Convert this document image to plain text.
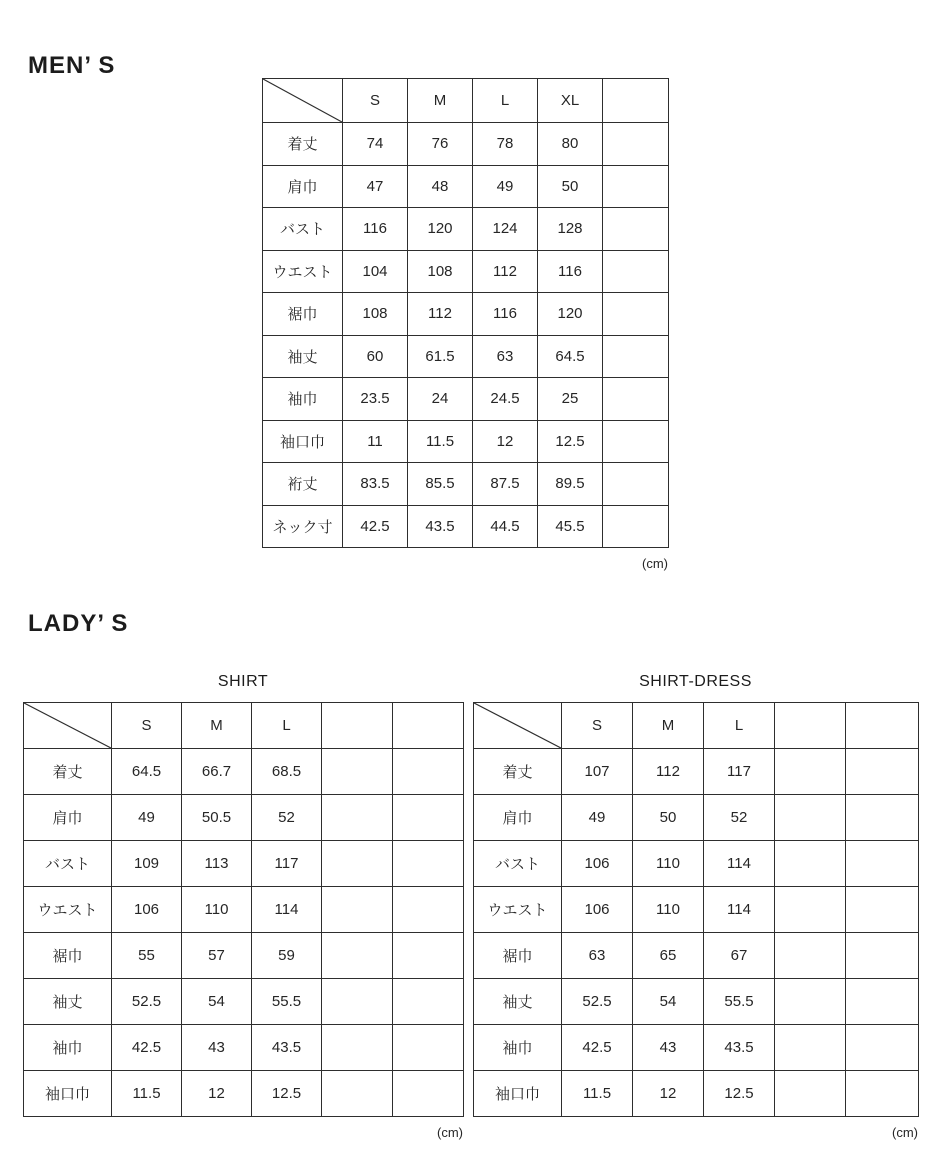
MEN’ S
	S	M	L	XL	
着丈	74	76	78	80	
肩巾	47	48	49	50	
バスト	116	120	124	128	
ウエスト	104	108	112	116	
裾巾	108	112	116	120	
袖丈	60	61.5	63	64.5	
袖巾	23.5	24	24.5	25	
袖口巾	11	11.5	12	12.5	
裄丈	83.5	85.5	87.5	89.5	
ネック寸	42.5	43.5	44.5	45.5	
(cm)
LADY’ S
SHIRT
	S	M	L		
着丈	64.5	66.7	68.5		
肩巾	49	50.5	52		
バスト	109	113	117		
ウエスト	106	110	114		
裾巾	55	57	59		
袖丈	52.5	54	55.5		
袖巾	42.5	43	43.5		
袖口巾	11.5	12	12.5		
(cm)
SHIRT-DRESS
	S	M	L		
着丈	107	112	117		
肩巾	49	50	52		
バスト	106	110	114		
ウエスト	106	110	114		
裾巾	63	65	67		
袖丈	52.5	54	55.5		
袖巾	42.5	43	43.5		
袖口巾	11.5	12	12.5		
(cm)
